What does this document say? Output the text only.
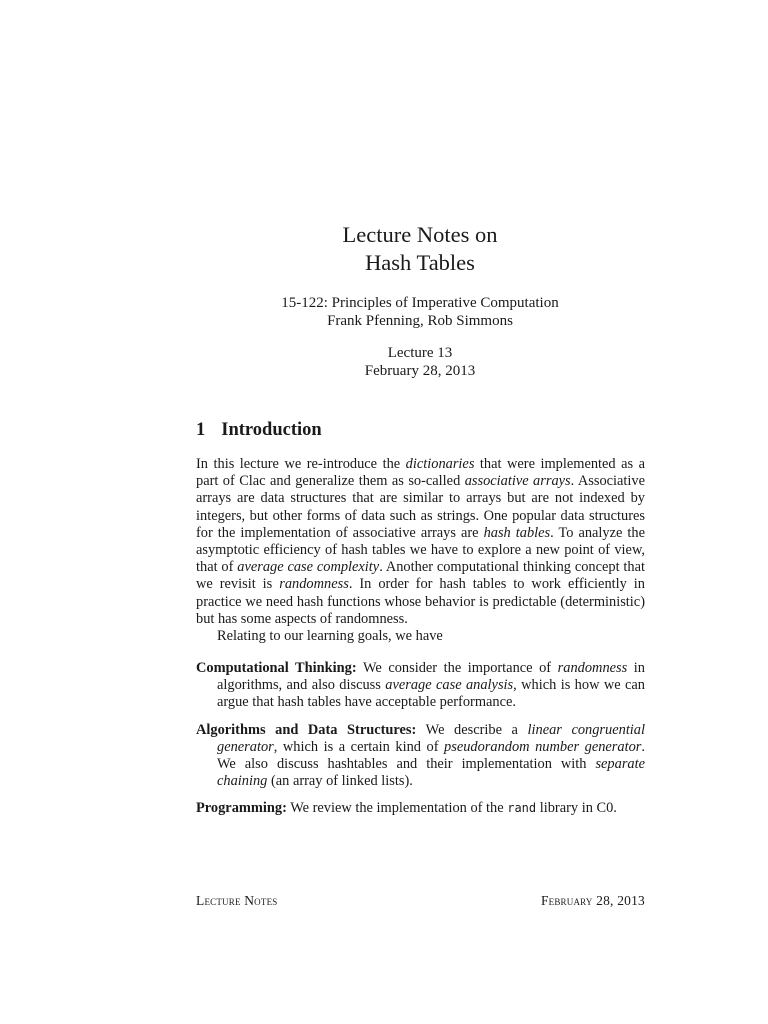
Lecture Notes on
Hash Tables
15-122: Principles of Imperative Computation
Frank Pfenning, Rob Simmons
Lecture 13
February 28, 2013
1 Introduction

In this lecture we re-introduce the dictionaries that were implemented as a part of Clac and generalize them as so-called associative arrays. Associative arrays are data structures that are similar to arrays but are not indexed by integers, but other forms of data such as strings. One popular data structures for the implementation of associative arrays are hash tables. To analyze the asymptotic efficiency of hash tables we have to explore a new point of view, that of average case complexity. Another computational thinking concept that we revisit is randomness. In order for hash tables to work efficiently in practice we need hash functions whose behavior is predictable (deterministic) but has some aspects of randomness.

Relating to our learning goals, we have

Computational Thinking: We consider the importance of randomness in algorithms, and also discuss average case analysis, which is how we can argue that hash tables have acceptable performance.

Algorithms and Data Structures: We describe a linear congruential generator, which is a certain kind of pseudorandom number generator. We also discuss hashtables and their implementation with separate chaining (an array of linked lists).

Programming: We review the implementation of the rand library in C0.

Lecture Notes	February 28, 2013
